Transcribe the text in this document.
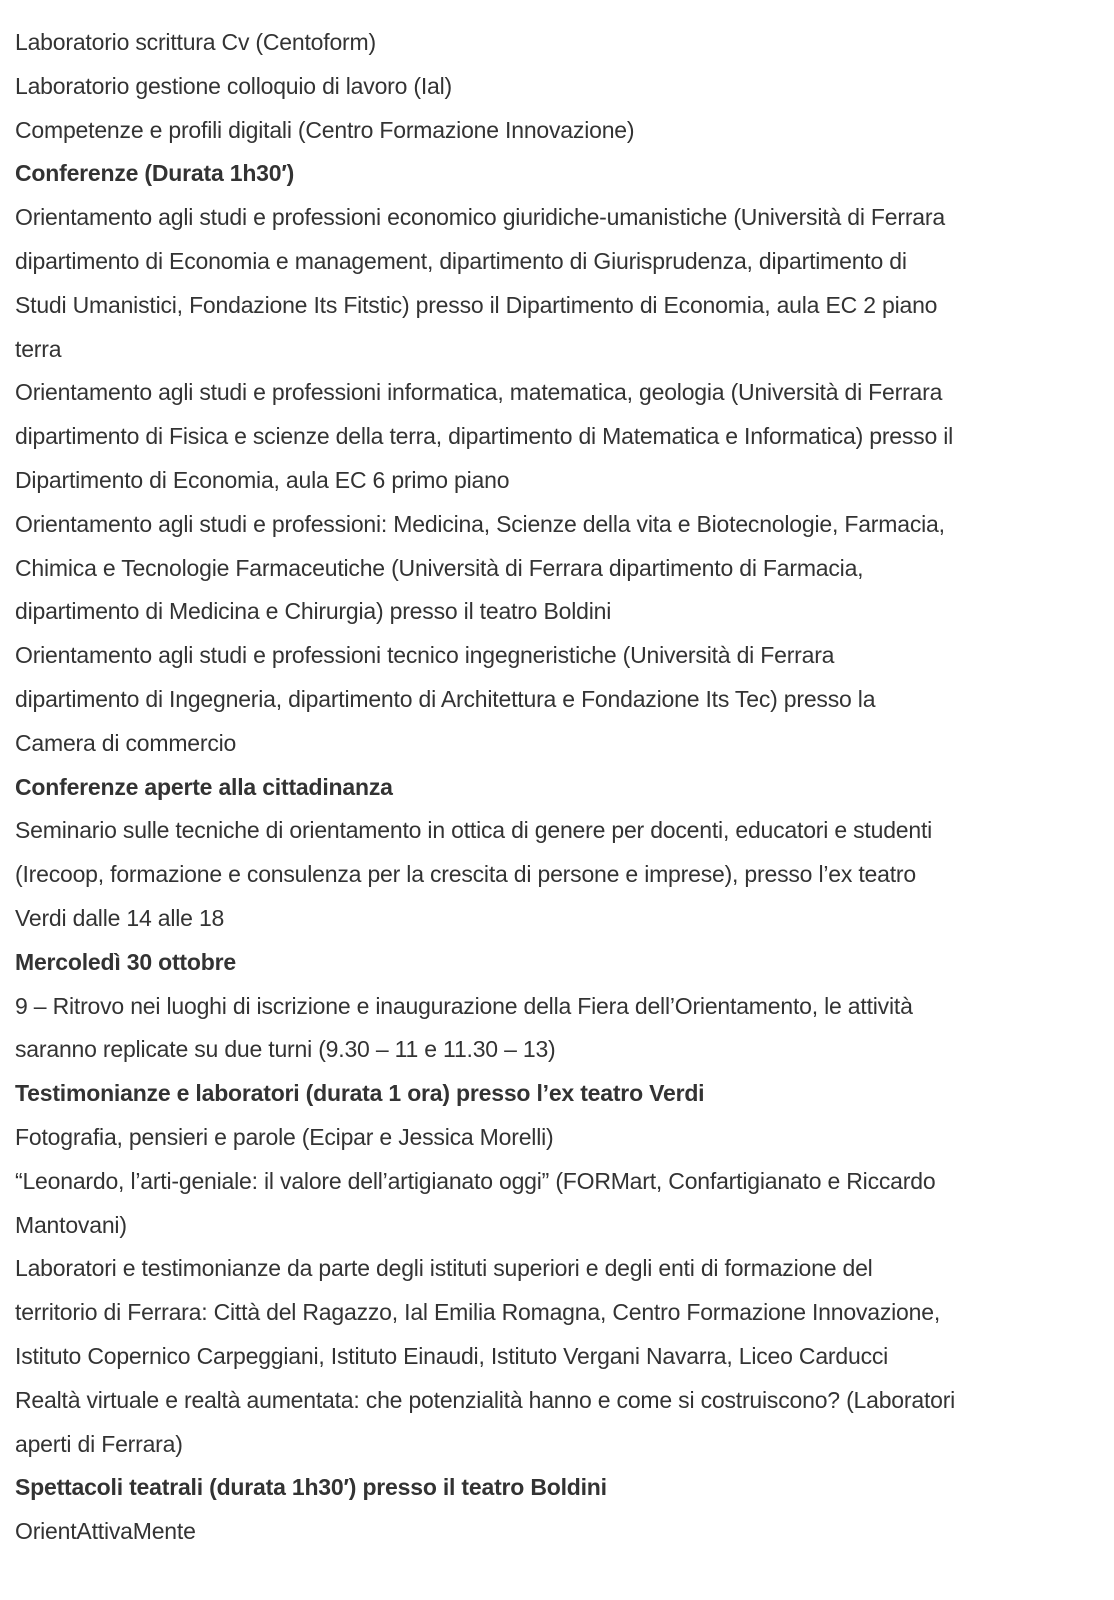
Laboratorio scrittura Cv (Centoform)

Laboratorio gestione colloquio di lavoro (Ial)

Competenze e profili digitali (Centro Formazione Innovazione)

Conferenze (Durata 1h30′)

Orientamento agli studi e professioni economico giuridiche-umanistiche (Università di Ferrara

dipartimento di Economia e management, dipartimento di Giurisprudenza, dipartimento di

Studi Umanistici, Fondazione Its Fitstic) presso il Dipartimento di Economia, aula EC 2 piano

terra

Orientamento agli studi e professioni informatica, matematica, geologia (Università di Ferrara

dipartimento di Fisica e scienze della terra, dipartimento di Matematica e Informatica) presso il

Dipartimento di Economia, aula EC 6 primo piano

Orientamento agli studi e professioni: Medicina, Scienze della vita e Biotecnologie, Farmacia,

Chimica e Tecnologie Farmaceutiche (Università di Ferrara dipartimento di Farmacia,

dipartimento di Medicina e Chirurgia) presso il teatro Boldini

Orientamento agli studi e professioni tecnico ingegneristiche (Università di Ferrara

dipartimento di Ingegneria, dipartimento di Architettura e Fondazione Its Tec) presso la

Camera di commercio

Conferenze aperte alla cittadinanza

Seminario sulle tecniche di orientamento in ottica di genere per docenti, educatori e studenti

(Irecoop, formazione e consulenza per la crescita di persone e imprese), presso l’ex teatro

Verdi dalle 14 alle 18

Mercoledì 30 ottobre

9 – Ritrovo nei luoghi di iscrizione e inaugurazione della Fiera dell’Orientamento, le attività

saranno replicate su due turni (9.30 – 11 e 11.30 – 13)

Testimonianze e laboratori (durata 1 ora) presso l’ex teatro Verdi

Fotografia, pensieri e parole (Ecipar e Jessica Morelli)

“Leonardo, l’arti-geniale: il valore dell’artigianato oggi” (FORMart, Confartigianato e Riccardo

Mantovani)

Laboratori e testimonianze da parte degli istituti superiori e degli enti di formazione del

territorio di Ferrara: Città del Ragazzo, Ial Emilia Romagna, Centro Formazione Innovazione,

Istituto Copernico Carpeggiani, Istituto Einaudi, Istituto Vergani Navarra, Liceo Carducci

Realtà virtuale e realtà aumentata: che potenzialità hanno e come si costruiscono? (Laboratori

aperti di Ferrara)

Spettacoli teatrali (durata 1h30′) presso il teatro Boldini

OrientAttivaMente
